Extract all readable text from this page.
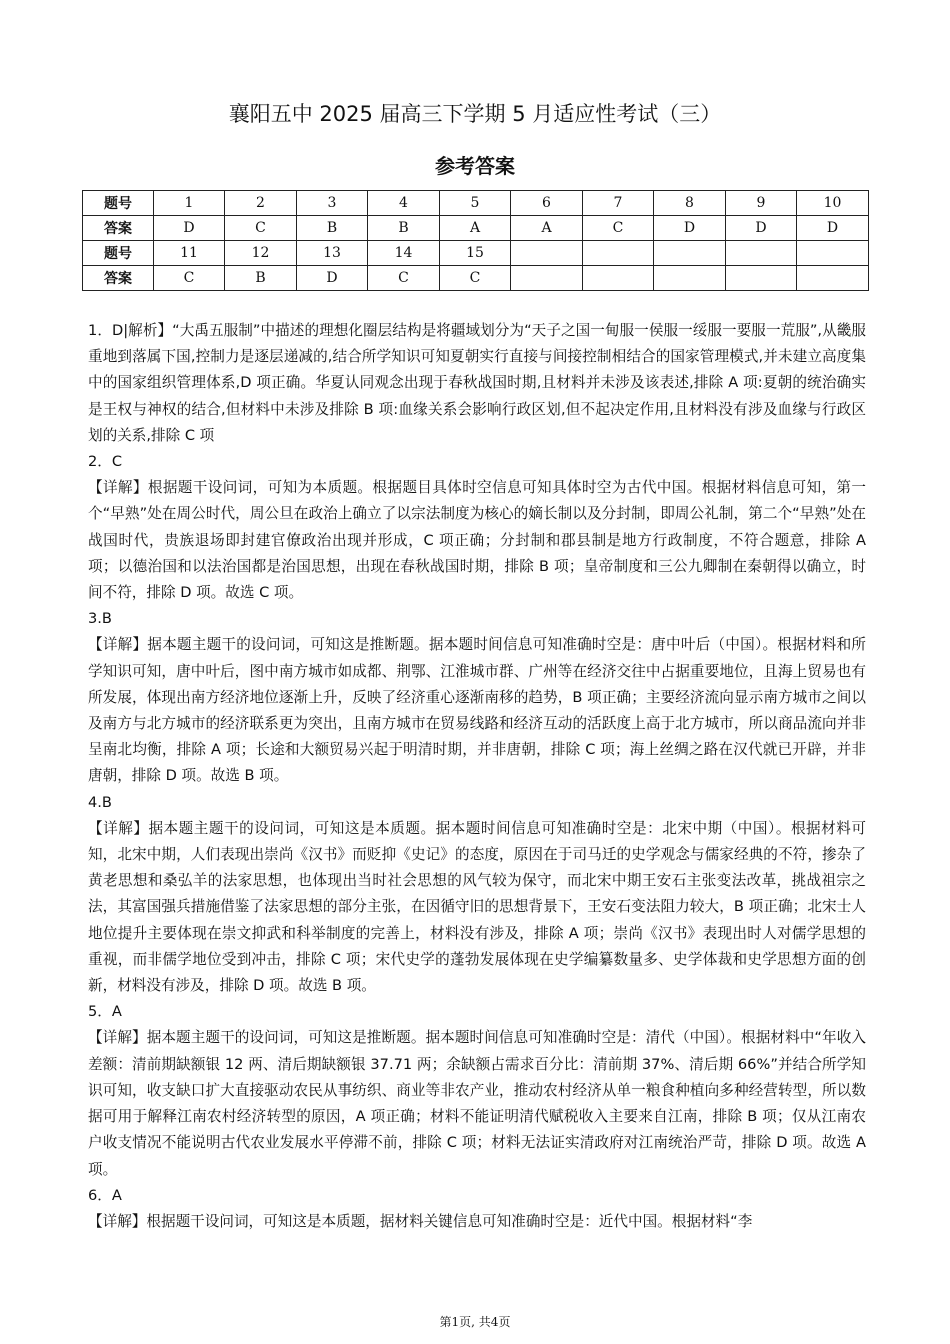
襄阳五中 2025 届高三下学期 5 月适应性考试（三）
参考答案
题号	1	2	3	4	5	6	7	8	9	10
答案	D	C	B	B	A	A	C	D	D	D
题号	11	12	13	14	15					
答案	C	B	D	C	C					

1．D|解析】“大禹五服制”中描述的理想化圈层结构是将疆域划分为“天子之国一甸服一侯服一绥服一要服一荒服”,从畿服重地到落属下国,控制力是逐层递减的,结合所学知识可知夏朝实行直接与间接控制相结合的国家管理模式,并未建立高度集中的国家组织管理体系,D 项正确。华夏认同观念出现于春秋战国时期,且材料并未涉及该表述,排除 A 项:夏朝的统治确实是王权与神权的结合,但材料中未涉及排除 B 项:血缘关系会影响行政区划,但不起决定作用,且材料没有涉及血缘与行政区划的关系,排除 C 项

2．C

【详解】根据题干设问词，可知为本质题。根据题目具体时空信息可知具体时空为古代中国。根据材料信息可知，第一个“早熟”处在周公时代，周公旦在政治上确立了以宗法制度为核心的嫡长制以及分封制，即周公礼制，第二个“早熟”处在战国时代，贵族退场即封建官僚政治出现并形成，C 项正确；分封制和郡县制是地方行政制度，不符合题意，排除 A 项；以德治国和以法治国都是治国思想，出现在春秋战国时期，排除 B 项；皇帝制度和三公九卿制在秦朝得以确立，时间不符，排除 D 项。故选 C 项。

3.B

【详解】据本题主题干的设问词，可知这是推断题。据本题时间信息可知准确时空是：唐中叶后（中国）。根据材料和所学知识可知，唐中叶后，图中南方城市如成都、荆鄂、江淮城市群、广州等在经济交往中占据重要地位，且海上贸易也有所发展，体现出南方经济地位逐渐上升，反映了经济重心逐渐南移的趋势，B 项正确；主要经济流向显示南方城市之间以及南方与北方城市的经济联系更为突出，且南方城市在贸易线路和经济互动的活跃度上高于北方城市，所以商品流向并非呈南北均衡，排除 A 项；长途和大额贸易兴起于明清时期，并非唐朝，排除 C 项；海上丝绸之路在汉代就已开辟，并非唐朝，排除 D 项。故选 B 项。

4.B

【详解】据本题主题干的设问词，可知这是本质题。据本题时间信息可知准确时空是：北宋中期（中国）。根据材料可知，北宋中期，人们表现出崇尚《汉书》而贬抑《史记》的态度，原因在于司马迁的史学观念与儒家经典的不符，掺杂了黄老思想和桑弘羊的法家思想，也体现出当时社会思想的风气较为保守，而北宋中期王安石主张变法改革，挑战祖宗之法，其富国强兵措施借鉴了法家思想的部分主张，在因循守旧的思想背景下，王安石变法阻力较大，B 项正确；北宋士人地位提升主要体现在崇文抑武和科举制度的完善上，材料没有涉及，排除 A 项；崇尚《汉书》表现出时人对儒学思想的重视，而非儒学地位受到冲击，排除 C 项；宋代史学的蓬勃发展体现在史学编纂数量多、史学体裁和史学思想方面的创新，材料没有涉及，排除 D 项。故选 B 项。

5．A

【详解】据本题主题干的设问词，可知这是推断题。据本题时间信息可知准确时空是：清代（中国）。根据材料中“年收入差额：清前期缺额银 12 两、清后期缺额银 37.71 两；余缺额占需求百分比：清前期 37%、清后期 66%”并结合所学知识可知，收支缺口扩大直接驱动农民从事纺织、商业等非农产业，推动农村经济从单一粮食种植向多种经营转型，所以数据可用于解释江南农村经济转型的原因，A 项正确；材料不能证明清代赋税收入主要来自江南，排除 B 项；仅从江南农户收支情况不能说明古代农业发展水平停滞不前，排除 C 项；材料无法证实清政府对江南统治严苛，排除 D 项。故选 A 项。

6．A

【详解】根据题干设问词，可知这是本质题，据材料关键信息可知准确时空是：近代中国。根据材料“李

第1页, 共4页
